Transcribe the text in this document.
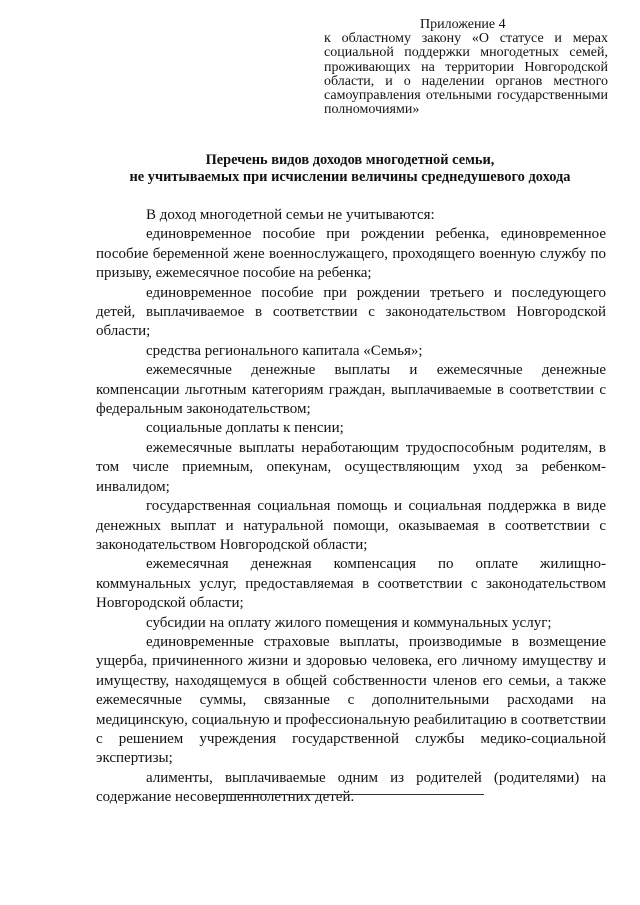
Приложение 4
к областному закону «О статусе и мерах социальной поддержки многодетных семей, проживающих на территории Новгородской области, и о наделении органов местного самоуправления отельными государственными полномочиями»
Перечень видов доходов многодетной семьи,
не учитываемых при исчислении величины среднедушевого дохода

В доход многодетной семьи не учитываются:

единовременное пособие при рождении ребенка, единовременное пособие беременной жене военнослужащего, проходящего военную службу по призыву, ежемесячное пособие на ребенка;

единовременное пособие при рождении третьего и последующего детей, выплачиваемое в соответствии с законодательством Новгородской области;

средства регионального капитала «Семья»;

ежемесячные денежные выплаты и ежемесячные денежные компенсации льготным категориям граждан, выплачиваемые в соответствии с федеральным законодательством;

социальные доплаты к пенсии;

ежемесячные выплаты неработающим трудоспособным родителям, в том числе приемным, опекунам, осуществляющим уход за ребенком-инвалидом;

государственная социальная помощь и социальная поддержка в виде денежных выплат и натуральной помощи, оказываемая в соответствии с законодательством Новгородской области;

ежемесячная денежная компенсация по оплате жилищно-коммунальных услуг, предоставляемая в соответствии с законодательством Новгородской области;

субсидии на оплату жилого помещения и коммунальных услуг;

единовременные страховые выплаты, производимые в возмещение ущерба, причиненного жизни и здоровью человека, его личному имуществу и имуществу, находящемуся в общей собственности членов его семьи, а также ежемесячные суммы, связанные с дополнительными расходами на медицинскую, социальную и профессиональную реабилитацию в соответствии с решением учреждения государственной службы медико-социальной экспертизы;

алименты, выплачиваемые одним из родителей (родителями) на содержание несовершеннолетних детей.
